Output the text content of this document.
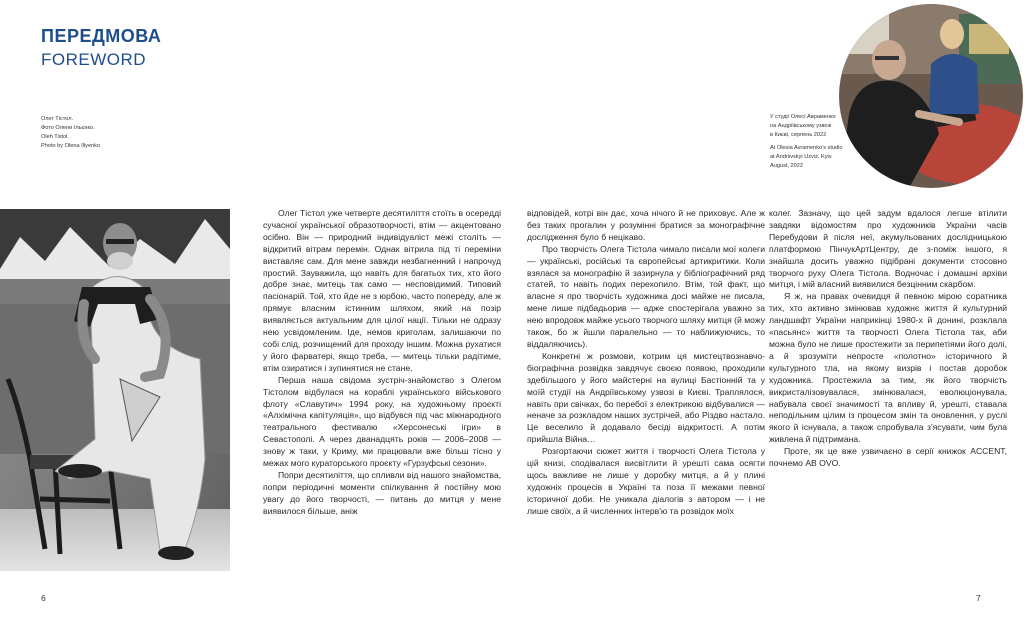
ПЕРЕДМОВА
FOREWORD
Олег Тістол.
Фото Олени Ільєнко.
Oleh Tistol.
Photo by Olena Illyenko
У студії Олесі Авраменко
на Андріївському узвозі
в Києві, серпень 2022
At Olesia Avramenko's studio
at Andriivskyi Uzviz, Kyiv.
August, 2022

Олег Тістол уже четверте десятиліття стоїть в осерeдді сучасної української образотворчості, втім — акцентовано осібно. Він — природний індивідуаліст межі століть — відкритий вітрам перемін. Однак вітрила під ті переміни виставляє сам. Для мене завжди незбагненний і напрочуд простий. Зауважила, що навіть для багатьох тих, хто його добре знає, митець так само — несповідимий. Типовий пасіонарій. Той, хто йде не з юрбою, часто попереду, але ж прямує власним істинним шляхом, який на позір виявляється актуальним для цілої нації. Тільки не одразу нею усвідомленим. Іде, немов криголам, залишаючи по собі слід, розчищений для проходу іншим. Можна рухатися у його фарватері, якщо треба, — митець тільки радітиме, втім озиратися і зупинятися не стане.

Перша наша свідома зустріч-знайомство з Олегом Тістолом відбулася на кораблі українського військового флоту «Славутич» 1994 року, на художньому проєкті «Алхімічна капітуляція», що відбувся під час міжнародного театрального фестивалю «Херсонеські ігри» в Севастополі. А через дванадцять років — 2006–2008 — знову ж таки, у Криму, ми працювали вже більш тісно у межах мого кураторського проєкту «Гурзуфські сезони».

Попри десятиліття, що спливли від нашого знайомства, попри періодичні моменти спілкування й постійну мою увагу до його творчості, — питань до митця у мене виявилося більше, аніж

відповідей, котрі він дає, хоча нічого й не приховує. Але ж без таких прогалин у розумінні братися за монографічне дослідження було б нецікаво.

Про творчість Олега Тістола чимало писали мої колеги — українські, російські та європейські артикритики. Коли взялася за монографію й зазирнула у бібліографічний ряд статей, то навіть подих перехопило. Втім, той факт, що власне я про творчість художника досі майже не писала, мене лише підбадьорив — адже спостерігала уважно за нею впродовж майже усього творчого шляху митця (й можу також, бо ж йшли паралельно — то наближуючись, то віддаляючись).

Конкретні ж розмови, котрим ця мистецтвознавчо-біографічна розвідка завдячує своєю появою, проходили здебільшого у його майстерні на вулиці Бастіонній та у моїй студії на Андріївському узвозі в Києві. Траплялося, навіть при свічках, бо перебої з електрикою відбувалися — неначе за розкладом наших зустрічей, або Різдво настало. Це веселило й додавало бесіді відкритості. А потім прийшла Війна…

Розгортаючи сюжет життя і творчості Олега Тістола у цій книзі, сподівалася висвітлити й урешті сама осягти щось важливе не лише у доробку митця, а й у плині художніх процесів в Україні та поза її межами певної історичної доби. Не уникала діалогів з автором — і не лише своїх, а й численних інтерв'ю та розвідок моїх

колег. Зазначу, що цей задум вдалося легше втілити завдяки відомостям про художників України часів Перебудови й після неї, акумульованих дослідницькою платформою ПінчукАртЦентру, де з-поміж іншого, я знайшла досить уважно підібрані документи стосовно творчого руху Олега Тістола. Водночас і домашні архіви митця, і мій власний виявилися безцінним скарбом.

Я ж, на правах очевидця й певною мірою соратника тих, хто активно змінював художнє життя й культурний ландшафт України наприкінці 1980-х й донині, розклала «пасьянс» життя та творчості Олега Тістола так, аби можна було не лише простежити за перипетіями його долі, а й зрозуміти непросте «полотно» історичного й культурного тла, на якому визрів і постав доробок художника. Простежила за тим, як його творчість викристалізовувалася, змінювалася, еволюціонувала, набувала своєї значимості та впливу й, урешті, ставала неподільним цілим із процесом змін та оновлення, у руслі якого й існувала, а також спробувала з'ясувати, чим була живлена й підтримана.

Проте, як це вже узвичаєно в серії книжок ACCENT, почнемо AB OVO.

6	7
